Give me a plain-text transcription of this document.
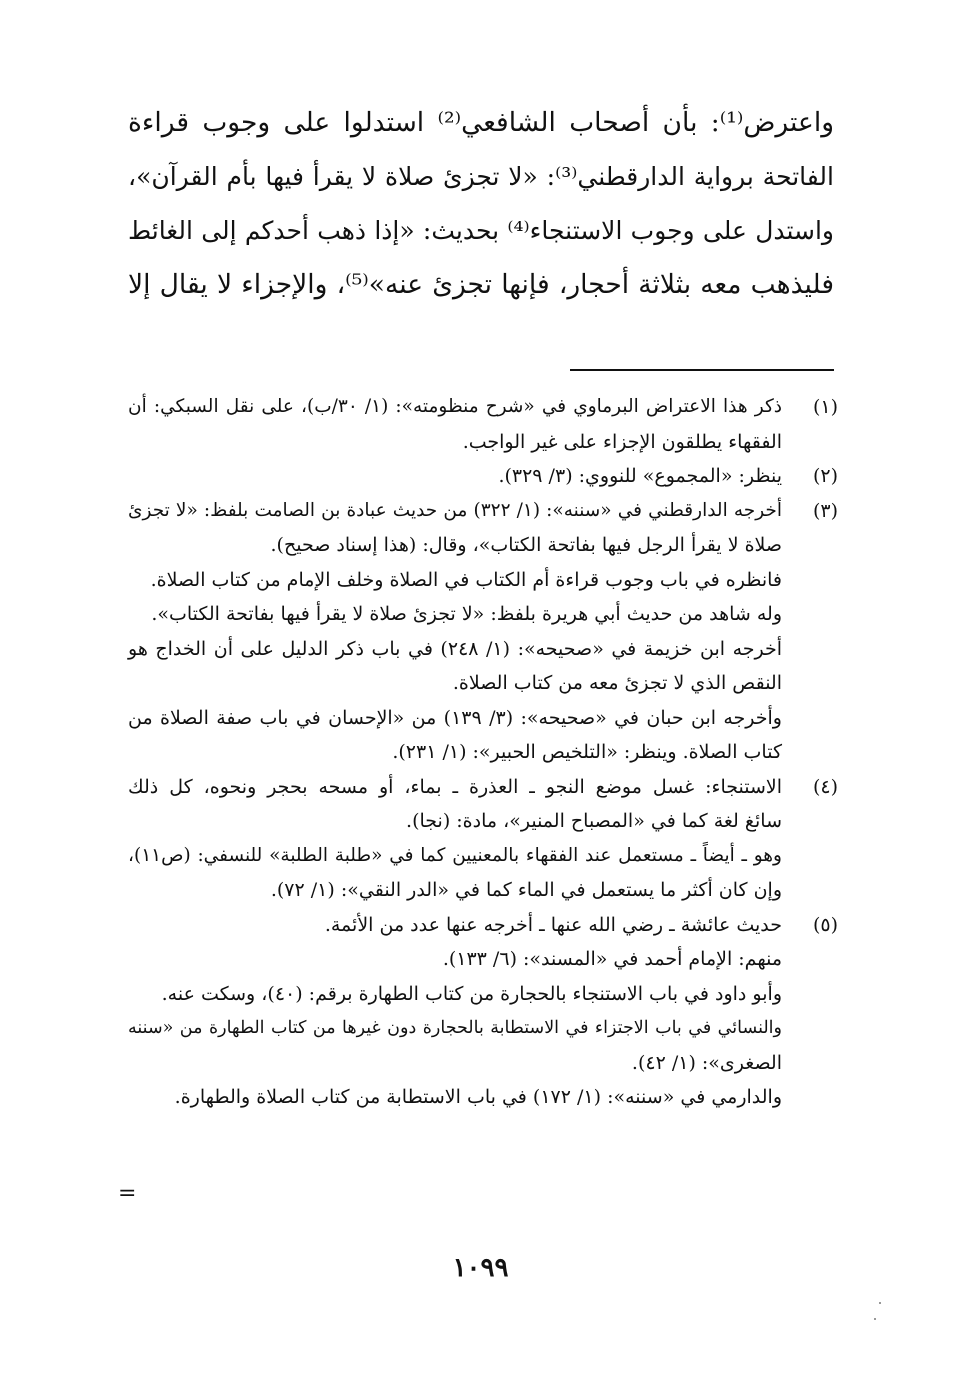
واعترض⁽¹⁾: بأن أصحاب الشافعي⁽²⁾ استدلوا على وجوب قراءة
الفاتحة برواية الدارقطني⁽³⁾: «لا تجزئ صلاة لا يقرأ فيها بأم القرآن»،
واستدل على وجوب الاستنجاء⁽⁴⁾ بحديث: «إذا ذهب أحدكم إلى الغائط
فليذهب معه بثلاثة أحجار، فإنها تجزئ عنه»⁽⁵⁾، والإجزاء لا يقال إلا
(١)
ذكر هذا الاعتراض البرماوي في «شرح منظومته»: (١/ ٣٠/ب)، على نقل السبكي: أن
الفقهاء يطلقون الإجزاء على غير الواجب.
(٢)
ينظر: «المجموع» للنووي: (٣/ ٣٢٩).
(٣)
أخرجه الدارقطني في «سننه»: (١/ ٣٢٢) من حديث عبادة بن الصامت بلفظ: «لا تجزئ
صلاة لا يقرأ الرجل فيها بفاتحة الكتاب»، وقال: (هذا إسناد صحيح).
فانظره في باب وجوب قراءة أم الكتاب في الصلاة وخلف الإمام من كتاب الصلاة.
وله شاهد من حديث أبي هريرة بلفظ: «لا تجزئ صلاة لا يقرأ فيها بفاتحة الكتاب».
أخرجه ابن خزيمة في «صحيحه»: (١/ ٢٤٨) في باب ذكر الدليل على أن الخداج هو
النقص الذي لا تجزئ معه من كتاب الصلاة.
وأخرجه ابن حبان في «صحيحه»: (٣/ ١٣٩) من «الإحسان في باب صفة الصلاة من
كتاب الصلاة. وينظر: «التلخيص الحبير»: (١/ ٢٣١).
(٤)
الاستنجاء: غسل موضع النجو ـ العذرة ـ بماء، أو مسحه بحجر ونحوه، كل ذلك
سائغ لغة كما في «المصباح المنير»، مادة: (نجا).
وهو ـ أيضاً ـ مستعمل عند الفقهاء بالمعنيين كما في «طلبة الطلبة» للنسفي: (ص١١)،
وإن كان أكثر ما يستعمل في الماء كما في «الدر النقي»: (١/ ٧٢).
(٥)
حديث عائشة ـ رضي الله عنها ـ أخرجه عنها عدد من الأئمة.
منهم: الإمام أحمد في «المسند»: (٦/ ١٣٣).
وأبو داود في باب الاستنجاء بالحجارة من كتاب الطهارة برقم: (٤٠)، وسكت عنه.
والنسائي في باب الاجتزاء في الاستطابة بالحجارة دون غيرها من كتاب الطهارة من «سننه
الصغرى»: (١/ ٤٢).
والدارمي في «سننه»: (١/ ١٧٢) في باب الاستطابة من كتاب الصلاة والطهارة.
=
١٠٩٩
